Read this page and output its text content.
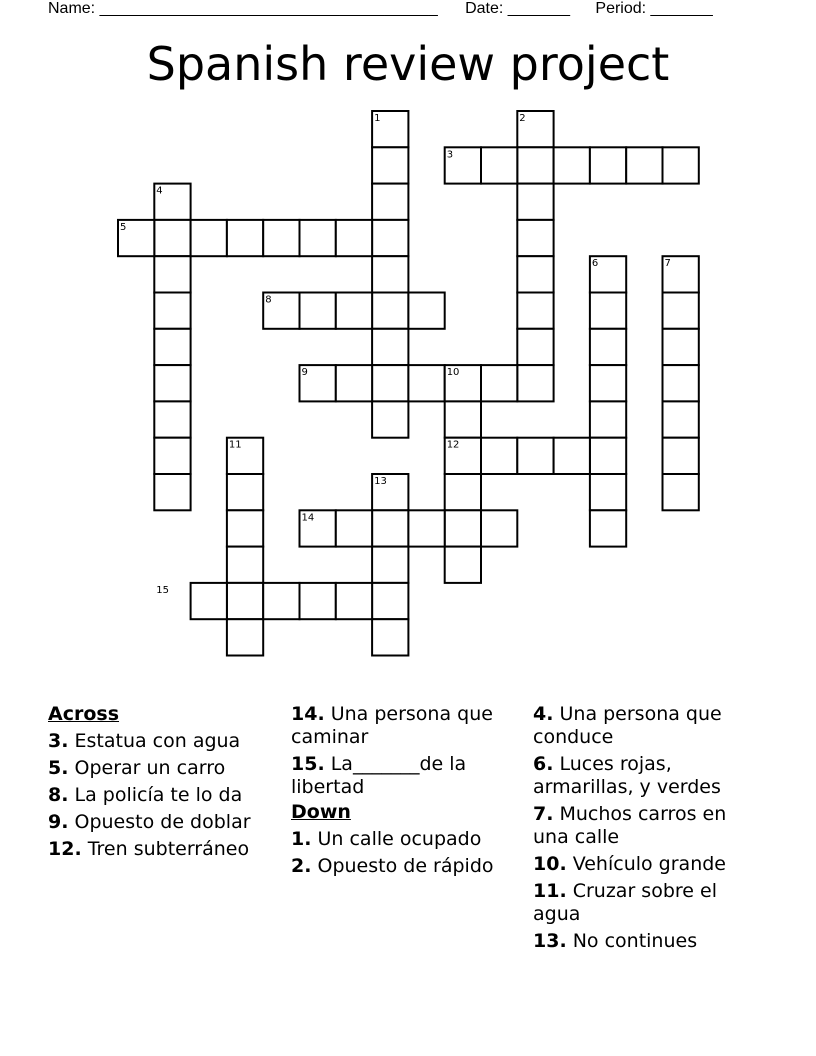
Name: ______________________________________ Date: _______ Period: _______
Spanish review project
1	2
3
4
5
6	7
8
9	10
11	12
13
14
15
Across
3. Estatua con agua
5. Operar un carro
8. La policía te lo da
9. Opuesto de doblar
12. Tren subterráneo
14. Una persona que caminar
15. La_______de la libertad
Down
1. Un calle ocupado
2. Opuesto de rápido
4. Una persona que conduce
6. Luces rojas, armarillas, y verdes
7. Muchos carros en una calle
10. Vehículo grande
11. Cruzar sobre el agua
13. No continues
